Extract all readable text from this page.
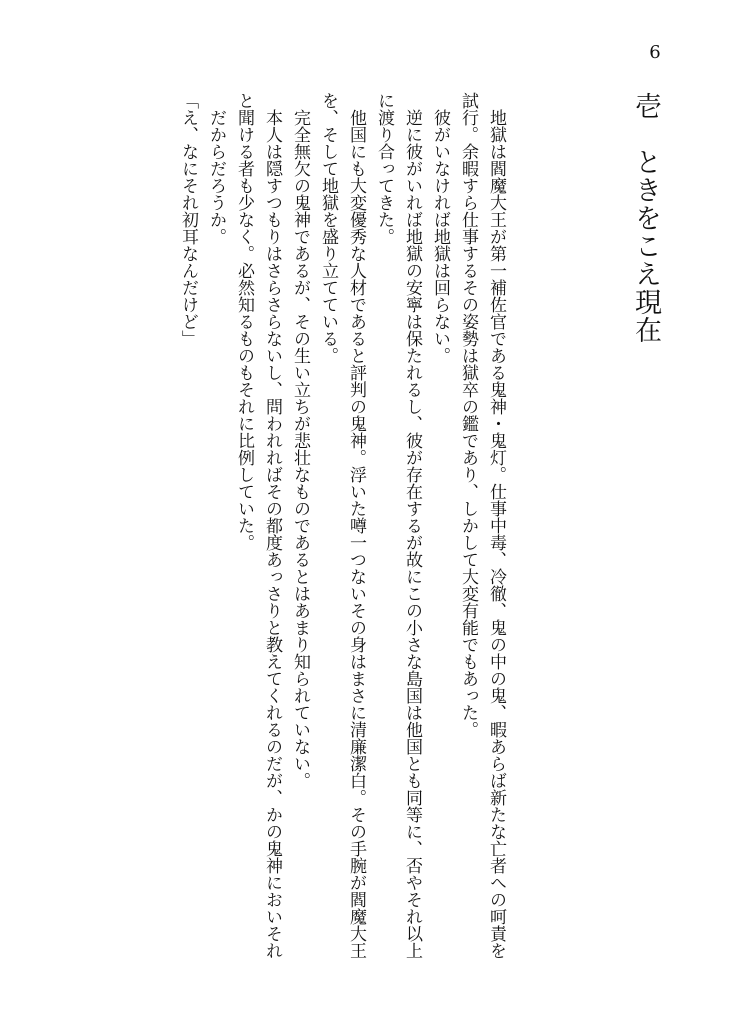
6
壱　ときをこえ現在

地獄は閻魔大王が第一補佐官である鬼神・鬼灯。仕事中毒、冷徹、鬼の中の鬼、暇あらば新たな亡者への呵責を試行。余暇すら仕事するその姿勢は獄卒の鑑であり、しかして大変有能でもあった。

彼がいなければ地獄は回らない。

逆に彼がいれば地獄の安寧は保たれるし、彼が存在するが故にこの小さな島国は他国とも同等に、否やそれ以上に渡り合ってきた。

他国にも大変優秀な人材であると評判の鬼神。浮いた噂一つないその身はまさに清廉潔白。その手腕が閻魔大王を、そして地獄を盛り立てている。

完全無欠の鬼神であるが、その生い立ちが悲壮なものであるとはあまり知られていない。

本人は隠すつもりはさらさらないし、問われればその都度あっさりと教えてくれるのだが、かの鬼神においそれと聞ける者も少なく。必然知るものもそれに比例していた。

だからだろうか。

「え、なにそれ初耳なんだけど」
